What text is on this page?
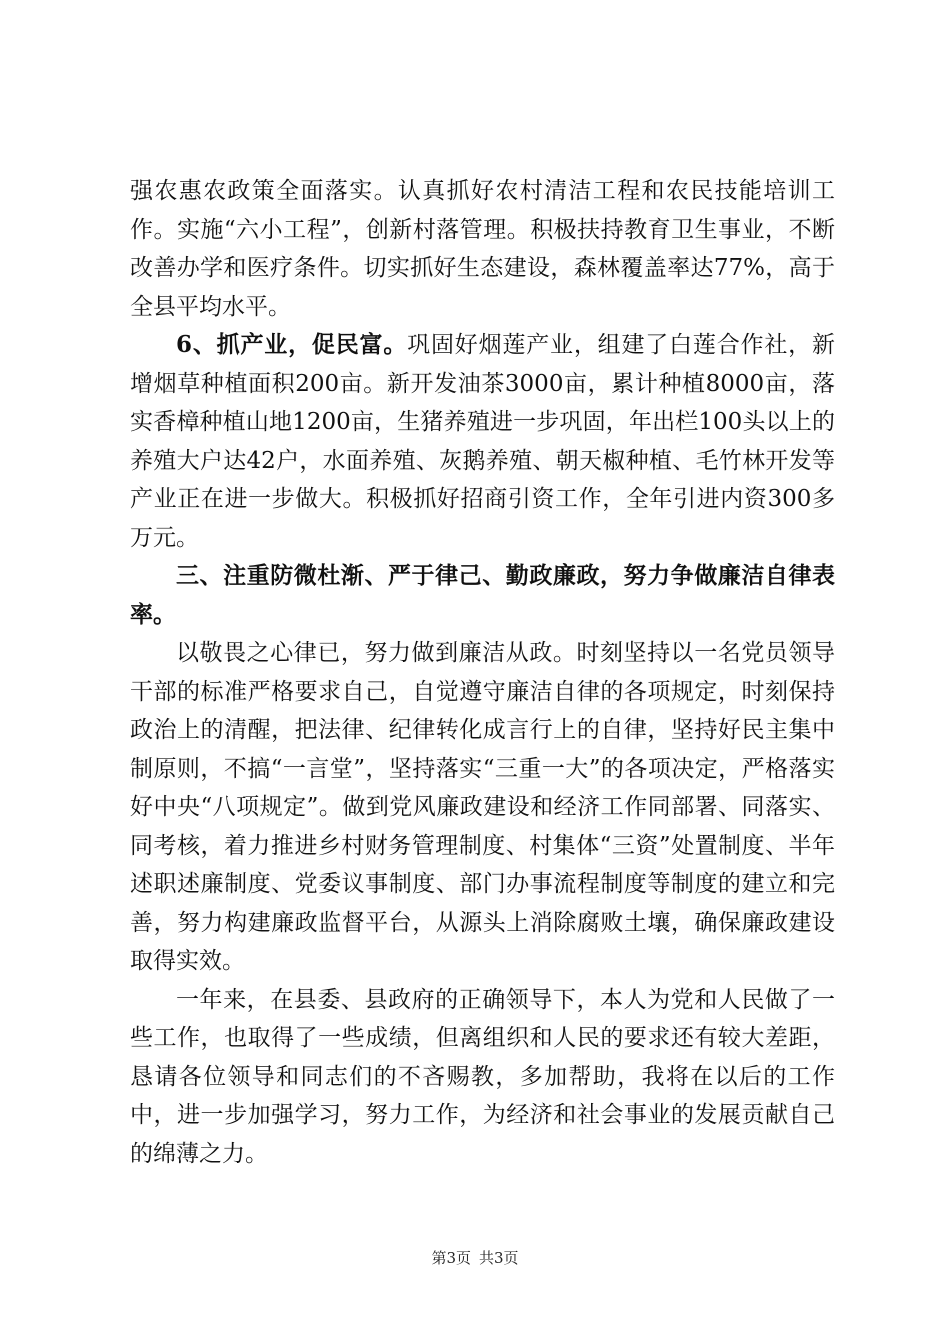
强农惠农政策全面落实。认真抓好农村清洁工程和农民技能培训工作。实施“六小工程”，创新村落管理。积极扶持教育卫生事业，不断改善办学和医疗条件。切实抓好生态建设，森林覆盖率达77%，高于全县平均水平。

6、抓产业，促民富。巩固好烟莲产业，组建了白莲合作社，新增烟草种植面积200亩。新开发油茶3000亩，累计种植8000亩，落实香樟种植山地1200亩，生猪养殖进一步巩固，年出栏100头以上的养殖大户达42户，水面养殖、灰鹅养殖、朝天椒种植、毛竹林开发等产业正在进一步做大。积极抓好招商引资工作，全年引进内资300多万元。

三、注重防微杜渐、严于律己、勤政廉政，努力争做廉洁自律表率。

以敬畏之心律已，努力做到廉洁从政。时刻坚持以一名党员领导干部的标准严格要求自己，自觉遵守廉洁自律的各项规定，时刻保持政治上的清醒，把法律、纪律转化成言行上的自律，坚持好民主集中制原则，不搞“一言堂”，坚持落实“三重一大”的各项决定，严格落实好中央“八项规定”。做到党风廉政建设和经济工作同部署、同落实、同考核，着力推进乡村财务管理制度、村集体“三资”处置制度、半年述职述廉制度、党委议事制度、部门办事流程制度等制度的建立和完善，努力构建廉政监督平台，从源头上消除腐败土壤，确保廉政建设取得实效。

一年来，在县委、县政府的正确领导下，本人为党和人民做了一些工作，也取得了一些成绩，但离组织和人民的要求还有较大差距，恳请各位领导和同志们的不吝赐教，多加帮助，我将在以后的工作中，进一步加强学习，努力工作，为经济和社会事业的发展贡献自己的绵薄之力。

第3页 共3页
